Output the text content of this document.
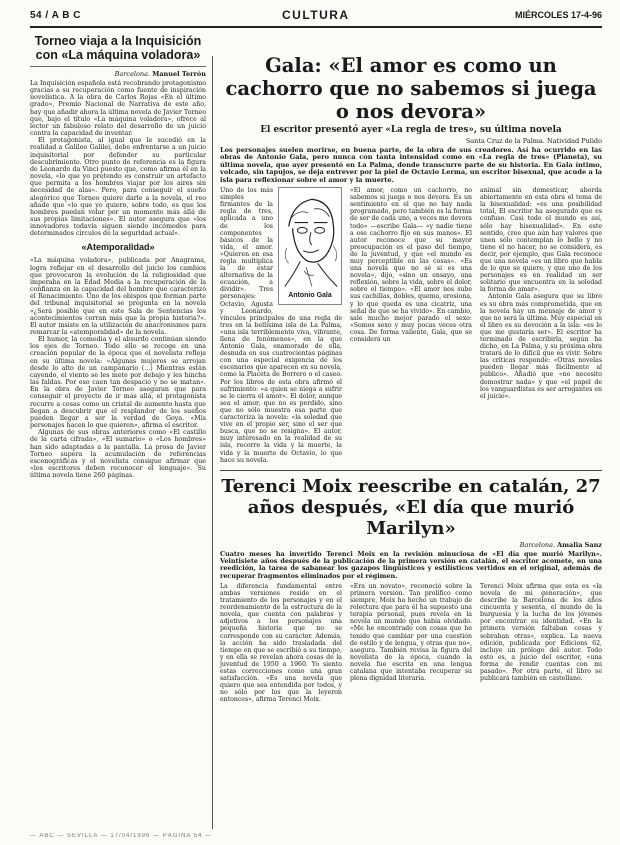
54 / A B C	CULTURA	MIÉRCOLES 17-4-96
Torneo viaja a la Inquisición con «La máquina voladora»
Barcelona. Manuel Terrón

La Inquisición española está recobrando protagonismo gracias a su recuperación como fuente de inspiración novelística. A la obra de Carlos Rojas «En el último grado», Premio Nacional de Narrativa de este año, hay que añadir ahora la última novela de Javier Torneo que, bajo el título «La máquina voladora», ofrece al lector un fabuloso relato del desarrollo de un juicio contra la capacidad de inventar.

El protagonista, al igual que le sucedió en la realidad a Galileo Galilei, debe enfrentarse a un juicio inquisitorial por defender su particular descubrimiento. Otro punto de referencia es la figura de Leonardo da Vinci puesto que, como afirma él en la novela, «lo que yo pretendo es construir un artefacto que permita a los hombres viajar por los aires sin necesidad de alas». Pero, para conseguir el sueño alegórico que Torneo quiere darle a la novela, el reo añade que «lo que yo quiero, sobre todo, es que los hombres puedan volar por un momento más allá de sus propias limitaciones». El autor asegura que «los innovadores todavía siguen siendo incómodos para determinados círculos de la seguridad actual».

«Atemporalidad»

«La máquina voladora», publicada por Anagrama, logra reflejar en el desarrollo del juicio los cambios que provocaron la evolución de la religiosidad que imperaba en la Edad Media a la recuperación de la confianza en la capacidad del hombre que caracterizó el Renacimiento. Uno de los obispos que forman parte del tribunal inquisitorial se pregunta en la novela «¿Será posible que en este Sala de Sentencias los acontecimientos corran más que la propia historia?». El autor insiste en la utilización de anacronismos para remarcar la «atemporalidad» de la novela.

El humor, la comedia y el absurdo continúan siendo los ejes de Torneo. Todo ello se recoge en una creación popular de la época que el novelista refleja en su última novela: «Algunas mujeres se arrojan desde lo alto de un campanario (...) Mientras están cayendo, el viento se les mete por debajo y les hincha las faldas. Por eso caen tan despacio y no se matan». En la obra de Javier Torneo aseguran que para conseguir el proyecto de ir más allá, el protagonista recurre a cosas como un cristal de aumento hasta que llegan a descubrir que el resplandor de los sueños pueden llegar a ser la verdad de Goya. «Mis personajes hacen lo que quieren», afirma el escritor.

Algunas de sus obras anteriores como «El castillo de la carta cifrada», «El sumario» o «Los hombres» han sido adaptadas a la pantalla. La prosa de Javier Torneo supera la acumulación de referencias escenográficas y el novelista consigue afirmar que «los escritores deben reconocer el lenguaje». Su última novela tiene 260 páginas.

Gala: «El amor es como un cachorro que no sabemos si juega o nos devora»
El escritor presentó ayer «La regla de tres», su última novela
Santa Cruz de la Palma. Natividad Pulido

Los personajes suelen morirse, en buena parte, de la obra de sus creadores. Así ha ocurrido en las obras de Antonio Gala, pero nunca con tanta intensidad como en «La regla de tres» (Planeta), su última novela, que ayer presentó en La Palma, donde transcurre parte de su historia. En Gala íntimo, volcado, sin tapujos, se deja entrever por la piel de Octavio Lerma, un escritor bisexual, que acude a la isla para reflexionar sobre el amor y la muerte.

Antonio Gala

Uno de los más simples firmantes de la regla de tres, aplicada a uno de los componentes básicos de la vida, el amor. «Quieren en esa regla multiplica la de estar alternativa de la ecuación, a dividir». Tres personajes: Octavio, Agusta y Leonardo, vínculos principales de una regla de tres en la bellísima isla de La Palma, «una isla terriblemente viva, vibrante, llena de fenómenos», en la que Antonio Gala, enamorado de ella, desnuda en sus cuatrocientas páginas con una especial exigencia de los escenarios que aparecen en su novela, como la Placeta de Borrero o el caseo. Por los libros de esta obra afirmó el sufrimiento: «a quien se niega a sufrir se le cierra el amor». El dolor, aunque sea el amor, que no es perdido, sino que no sólo muestra esa parte que caracteriza la novela: «la soledad que vive en el propio ser, sino el ser que busca, que no se resigna». El autor, muy interesado en la realidad de su isla, recorre la vida y la muerte, la vida y la muerte de Octavio, lo que hace su novela.

«El amor, como un cachorro, no sabemos si juega o nos devora. Es un sentimiento en el que no hay nada programado, pero también es la forma de ser de cada uno, a veces me devora todo» —escribe Gala— «y nadie tiene a ese cachorro fijo en sus manos». El autor reconoce que su mayor preocupación es el paso del tiempo, de la juventud, y que «el mundo es muy perceptible en las cosas». «Es una novela que no sé si es una novela», dijo, «sino un ensayo, una reflexión, sobre la vida, sobre el dolor, sobre el tiempo». «El amor nos sube sus cachillas, dobles, quema, erosiona, y lo que queda es una cicatriz, una señal de que se ha vivido». En cambio, sale mucho mejor parado el sexo: «Somos sexo y muy pocas veces otra cosa. De forma valiente, Gala, que se considera un

animal sin domesticar, aborda abiertamente en esta obra el tema de la bisexualidad: «es una posibilidad total, El escritor ha asegurado que es confuso. Casi todo el mundo es así, sólo hay bisexualidad». En este sentido, cree que aún hay valores que unen sólo contemplan lo bello y no tiene el no hacer, no se considera, es decir, por ejemplo, que Gala reconoce que una novela «es un libro que habla de lo que se quiere, y que uno de los personajes es en realidad un ser solitario que encuentra en la soledad la forma de amar».

Antonio Gala asegura que su libro es su obra más comprometida, que en la novela hay un mensaje de amor y que no será la última. Muy especial en el libro es su devoción a la isla: «es lo que me gustaría ser». El escritor ha terminado de escribirla, según ha dicho, en La Palma, y su próxima obra tratará de lo difícil que es vivir. Sobre las críticas responde: «Otras novelas pueden llegar más fácilmente al público». Añadió que «no necesito demostrar nada» y que «el papel de los vanguardistas es ser arrogantes en el juicio».

Terenci Moix reescribe en catalán, 27 años después, «El día que murió Marilyn»
Barcelona. Amalia Sanz

Cuatro meses ha invertido Terenci Moix en la revisión minuciosa de «El día que murió Marilyn». Veintisiete años después de la publicación de la primera versión en catalán, el escritor acomete, en una reedición, la tarea de sabanear los gazapos lingüísticos y estilísticos vertidos en el original, además de recuperar fragmentos eliminados por el régimen.

La diferencia fundamental entre ambas versiones reside en el tratamiento de los personajes y en el reordenamiento de la estructura de la novela, que cuenta con palabras y adjetivos a los personajes una pequeña historia que no se corresponde con su carácter. Además, la acción ha sido trasladada del tiempo en que se escribió a su tiempo, y en ella se revelan ahora cosas de la juventud de 1950 a 1960. Yo siento estas correcciones como una gran satisfacción. «Es una novela que quiero que sea entendida por todos, y no sólo por los que la leyeron entonces», afirma Terenci Moix.

«Era un novato», reconoció sobre la primera versión. Tan prolífico como siempre, Moix ha hecho un trabajo de relectura que para él ha supuesto una terapia personal, pues revela en la novela un mundo que había olvidado. «Me he encontrado con cosas que he tenido que cambiar por una cuestión de estilo y de lengua, y otras que no», asegura. También revisa la figura del novelista de la época, cuando la novela fue escrita en una lengua catalana que intentaba recuperar su plena dignidad literaria.

Terenci Moix afirma que esta es «la novela de mi generación», que describe la Barcelona de los años cincuenta y sesenta, el mundo de la burguesía y la lucha de los jóvenes por encontrar su identidad. «En la primera versión faltaban cosas y sobraban otras», explica. La nueva edición, publicada por Edicions 62, incluye un prólogo del autor. Todo esto es, a juicio del escritor, «una forma de rendir cuentas con mi pasado». Por otra parte, el libro se publicará también en castellano.

— ABC — SEVILLA — 17/04/1996 — PÁGINA 54 —
